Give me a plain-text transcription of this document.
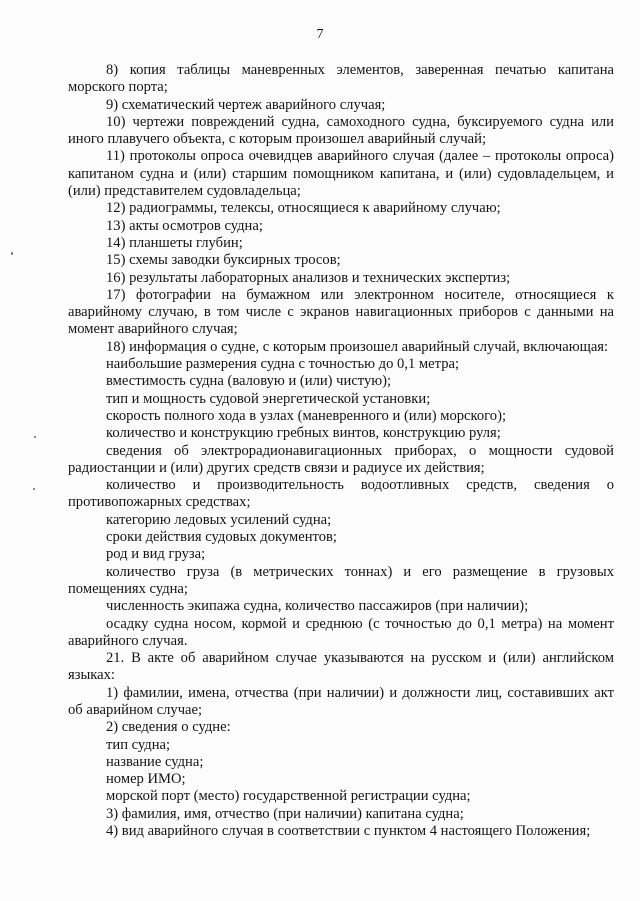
7

8) копия таблицы маневренных элементов, заверенная печатью капитана морского порта;

9) схематический чертеж аварийного случая;

10) чертежи повреждений судна, самоходного судна, буксируемого судна или иного плавучего объекта, с которым произошел аварийный случай;

11) протоколы опроса очевидцев аварийного случая (далее – протоколы опроса) капитаном судна и (или) старшим помощником капитана, и (или) судовладельцем, и (или) представителем судовладельца;

12) радиограммы, телексы, относящиеся к аварийному случаю;

13) акты осмотров судна;

14) планшеты глубин;

15) схемы заводки буксирных тросов;

16) результаты лабораторных анализов и технических экспертиз;

17) фотографии на бумажном или электронном носителе, относящиеся к аварийному случаю, в том числе с экранов навигационных приборов с данными на момент аварийного случая;

18) информация о судне, с которым произошел аварийный случай, включающая:

наибольшие размерения судна с точностью до 0,1 метра;

вместимость судна (валовую и (или) чистую);

тип и мощность судовой энергетической установки;

скорость полного хода в узлах (маневренного и (или) морского);

количество и конструкцию гребных винтов, конструкцию руля;

сведения об электрорадионавигационных приборах, о мощности судовой радиостанции и (или) других средств связи и радиусе их действия;

количество и производительность водоотливных средств, сведения о противопожарных средствах;

категорию ледовых усилений судна;

сроки действия судовых документов;

род и вид груза;

количество груза (в метрических тоннах) и его размещение в грузовых помещениях судна;

численность экипажа судна, количество пассажиров (при наличии);

осадку судна носом, кормой и среднюю (с точностью до 0,1 метра) на момент аварийного случая.

21. В акте об аварийном случае указываются на русском и (или) английском языках:

1) фамилии, имена, отчества (при наличии) и должности лиц, составивших акт об аварийном случае;

2) сведения о судне:

тип судна;

название судна;

номер ИМО;

морской порт (место) государственной регистрации судна;

3) фамилия, имя, отчество (при наличии) капитана судна;

4) вид аварийного случая в соответствии с пунктом 4 настоящего Положения;
